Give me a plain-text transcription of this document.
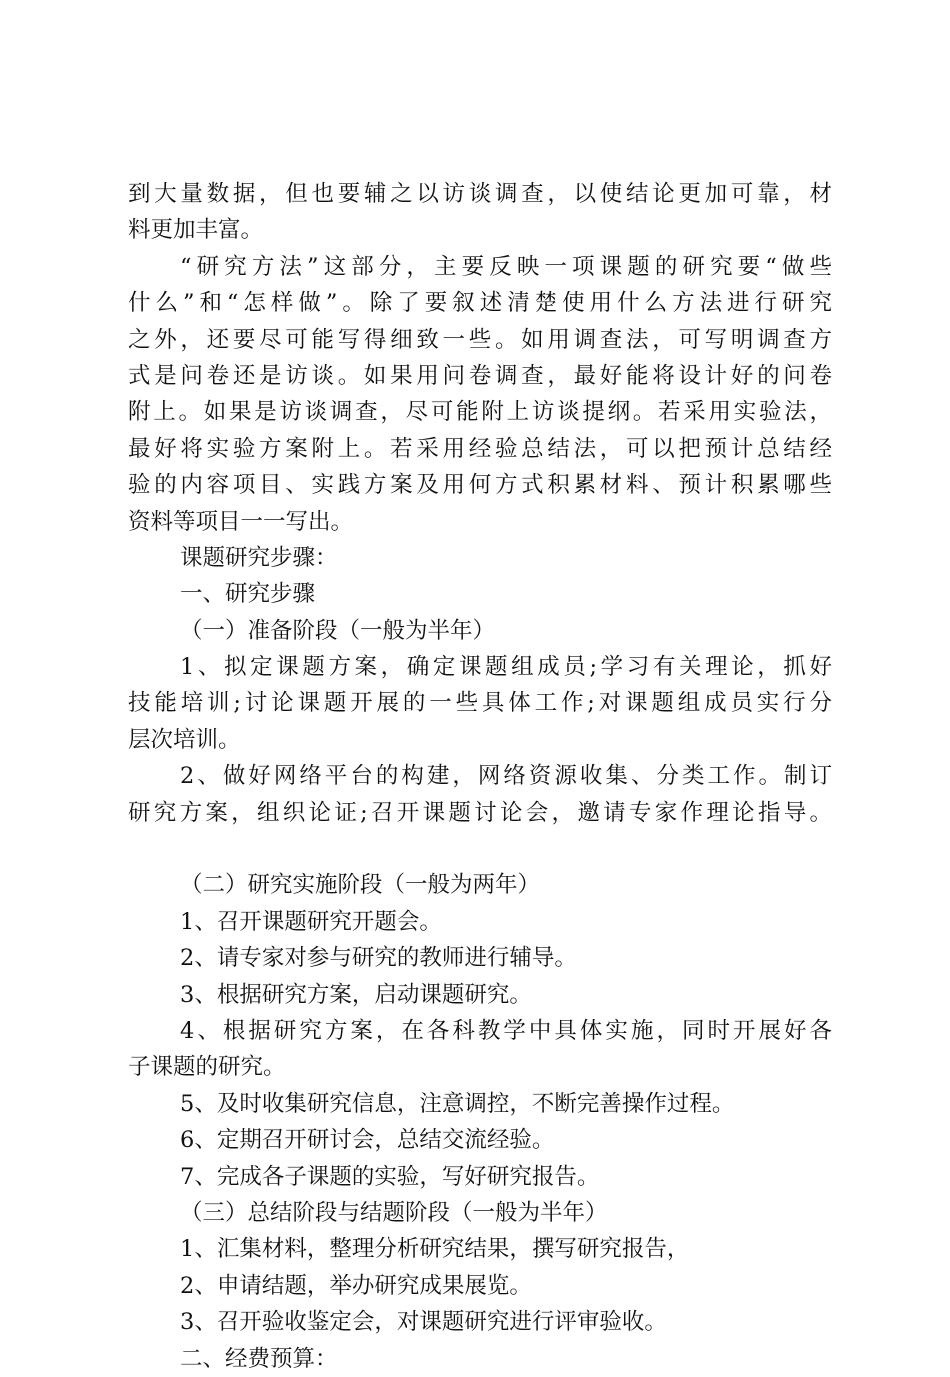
到大量数据，但也要辅之以访谈调查，以使结论更加可靠，材
料更加丰富。
“研究方法”这部分，主要反映一项课题的研究要“做些
什么”和“怎样做”。除了要叙述清楚使用什么方法进行研究
之外，还要尽可能写得细致一些。如用调查法，可写明调查方
式是问卷还是访谈。如果用问卷调查，最好能将设计好的问卷
附上。如果是访谈调查，尽可能附上访谈提纲。若采用实验法，
最好将实验方案附上。若采用经验总结法，可以把预计总结经
验的内容项目、实践方案及用何方式积累材料、预计积累哪些
资料等项目一一写出。
课题研究步骤：
一、研究步骤
（一）准备阶段（一般为半年）
1、拟定课题方案，确定课题组成员;学习有关理论，抓好
技能培训;讨论课题开展的一些具体工作;对课题组成员实行分
层次培训。
2、做好网络平台的构建，网络资源收集、分类工作。制订
研究方案，组织论证;召开课题讨论会，邀请专家作理论指导。
（二）研究实施阶段（一般为两年）
1、召开课题研究开题会。
2、请专家对参与研究的教师进行辅导。
3、根据研究方案，启动课题研究。
4、根据研究方案，在各科教学中具体实施，同时开展好各
子课题的研究。
5、及时收集研究信息，注意调控，不断完善操作过程。
6、定期召开研讨会，总结交流经验。
7、完成各子课题的实验，写好研究报告。
（三）总结阶段与结题阶段（一般为半年）
1、汇集材料，整理分析研究结果，撰写研究报告，
2、申请结题，举办研究成果展览。
3、召开验收鉴定会，对课题研究进行评审验收。
二、经费预算：
